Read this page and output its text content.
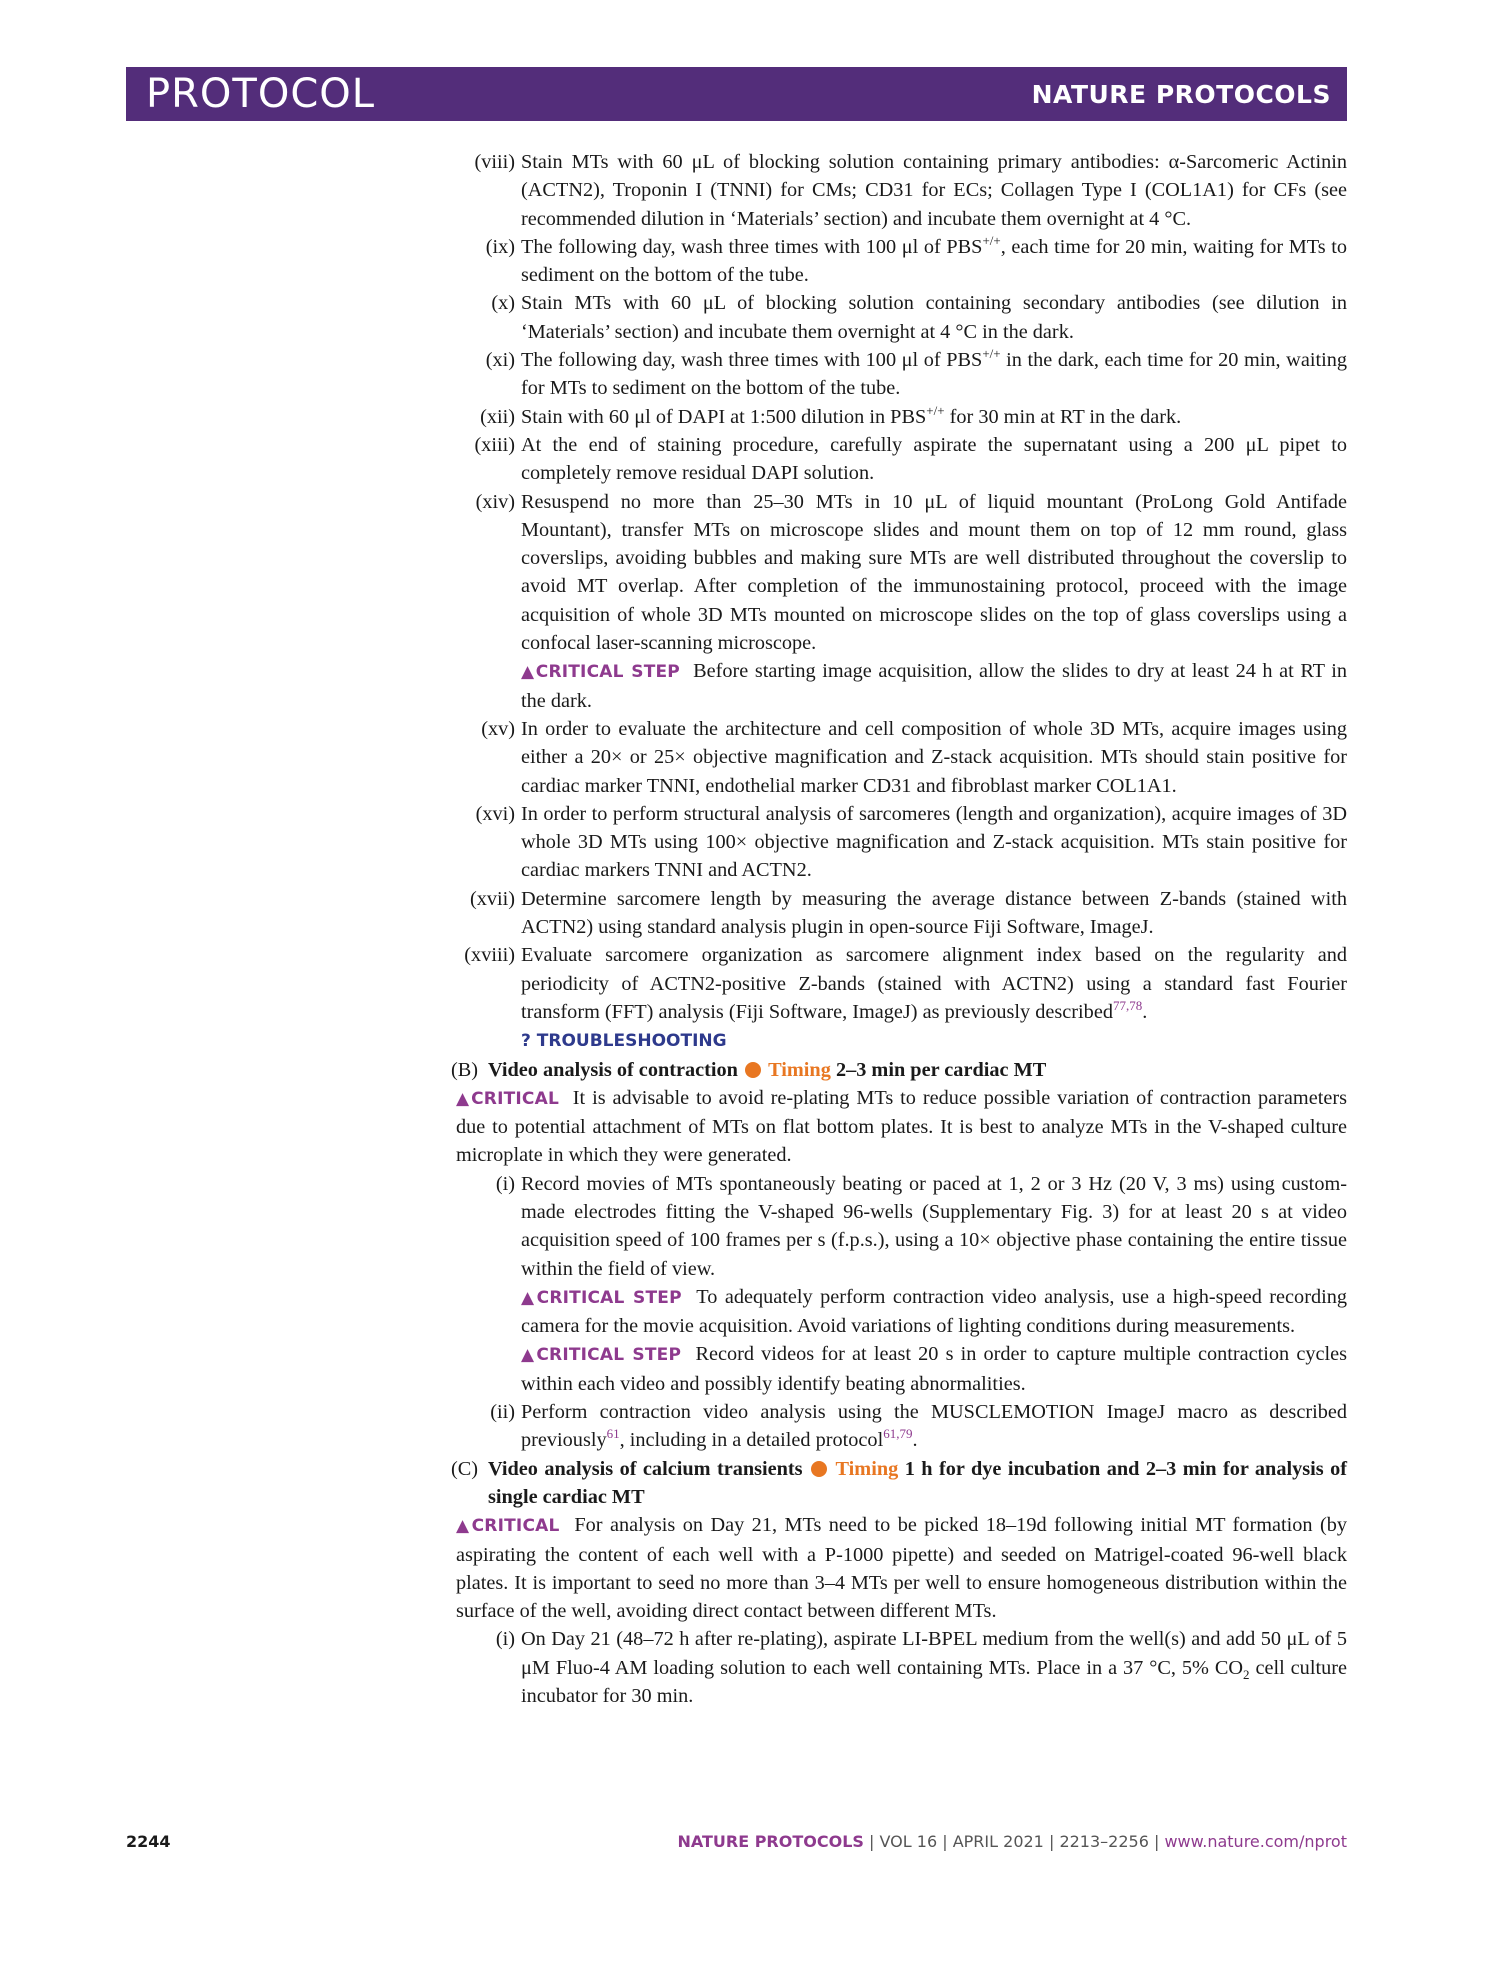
PROTOCOL	NATURE PROTOCOLS

(viii) Stain MTs with 60 μL of blocking solution containing primary antibodies: α-Sarcomeric Actinin (ACTN2), Troponin I (TNNI) for CMs; CD31 for ECs; Collagen Type I (COL1A1) for CFs (see recommended dilution in ‘Materials’ section) and incubate them overnight at 4 °C.

(ix) The following day, wash three times with 100 μl of PBS+/+, each time for 20 min, waiting for MTs to sediment on the bottom of the tube.

(x) Stain MTs with 60 μL of blocking solution containing secondary antibodies (see dilution in ‘Materials’ section) and incubate them overnight at 4 °C in the dark.

(xi) The following day, wash three times with 100 μl of PBS+/+ in the dark, each time for 20 min, waiting for MTs to sediment on the bottom of the tube.

(xii) Stain with 60 μl of DAPI at 1:500 dilution in PBS+/+ for 30 min at RT in the dark.

(xiii) At the end of staining procedure, carefully aspirate the supernatant using a 200 μL pipet to completely remove residual DAPI solution.

(xiv) Resuspend no more than 25–30 MTs in 10 μL of liquid mountant (ProLong Gold Antifade Mountant), transfer MTs on microscope slides and mount them on top of 12 mm round, glass coverslips, avoiding bubbles and making sure MTs are well distributed throughout the coverslip to avoid MT overlap. After completion of the immunostaining protocol, proceed with the image acquisition of whole 3D MTs mounted on microscope slides on the top of glass coverslips using a confocal laser-scanning microscope.

▲CRITICAL STEP Before starting image acquisition, allow the slides to dry at least 24 h at RT in the dark.

(xv) In order to evaluate the architecture and cell composition of whole 3D MTs, acquire images using either a 20× or 25× objective magnification and Z-stack acquisition. MTs should stain positive for cardiac marker TNNI, endothelial marker CD31 and fibroblast marker COL1A1.

(xvi) In order to perform structural analysis of sarcomeres (length and organization), acquire images of 3D whole 3D MTs using 100× objective magnification and Z-stack acquisition. MTs stain positive for cardiac markers TNNI and ACTN2.

(xvii) Determine sarcomere length by measuring the average distance between Z-bands (stained with ACTN2) using standard analysis plugin in open-source Fiji Software, ImageJ.

(xviii) Evaluate sarcomere organization as sarcomere alignment index based on the regularity and periodicity of ACTN2-positive Z-bands (stained with ACTN2) using a standard fast Fourier transform (FFT) analysis (Fiji Software, ImageJ) as previously described$^{77,78}$.

? TROUBLESHOOTING

(B) Video analysis of contraction Timing 2–3 min per cardiac MT

▲CRITICAL It is advisable to avoid re-plating MTs to reduce possible variation of contraction parameters due to potential attachment of MTs on flat bottom plates. It is best to analyze MTs in the V-shaped culture microplate in which they were generated.

(i) Record movies of MTs spontaneously beating or paced at 1, 2 or 3 Hz (20 V, 3 ms) using custom-made electrodes fitting the V-shaped 96-wells (Supplementary Fig. 3) for at least 20 s at video acquisition speed of 100 frames per s (f.p.s.), using a 10× objective phase containing the entire tissue within the field of view.

▲CRITICAL STEP To adequately perform contraction video analysis, use a high-speed recording camera for the movie acquisition. Avoid variations of lighting conditions during measurements.

▲CRITICAL STEP Record videos for at least 20 s in order to capture multiple contraction cycles within each video and possibly identify beating abnormalities.

(ii) Perform contraction video analysis using the MUSCLEMOTION ImageJ macro as described previously$^{61}$, including in a detailed protocol$^{61,79}$.

(C) Video analysis of calcium transients Timing 1 h for dye incubation and 2–3 min for analysis of single cardiac MT

▲CRITICAL For analysis on Day 21, MTs need to be picked 18–19d following initial MT formation (by aspirating the content of each well with a P-1000 pipette) and seeded on Matrigel-coated 96-well black plates. It is important to seed no more than 3–4 MTs per well to ensure homogeneous distribution within the surface of the well, avoiding direct contact between different MTs.

(i) On Day 21 (48–72 h after re-plating), aspirate LI-BPEL medium from the well(s) and add 50 μL of 5 μM Fluo-4 AM loading solution to each well containing MTs. Place in a 37 °C, 5% $CO_2$ cell culture incubator for 30 min.

2244	NATURE PROTOCOLS | VOL 16 | APRIL 2021 | 2213–2256 | www.nature.com/nprot
